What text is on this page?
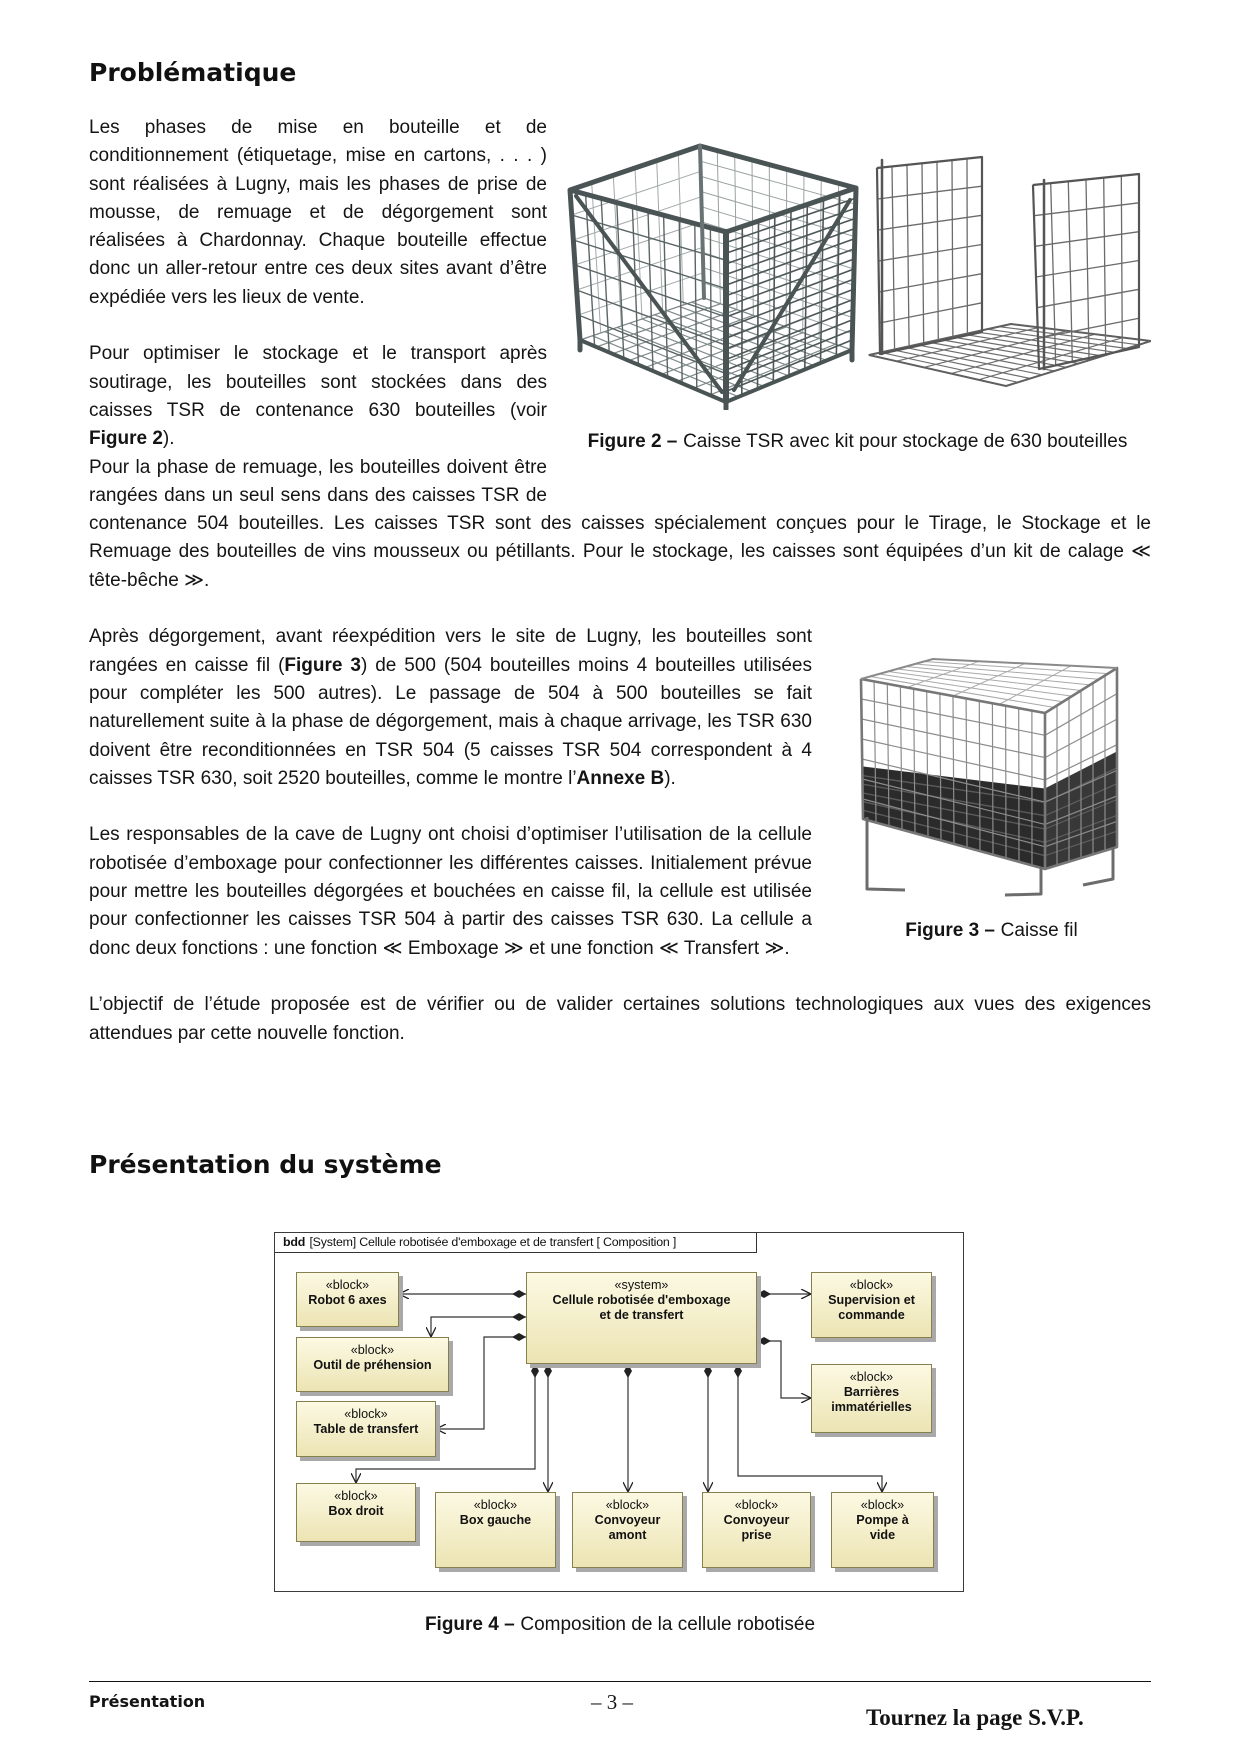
Problématique
Figure 2 – Caisse TSR avec kit pour stockage de 630 bouteilles
Les phases de mise en bouteille et de conditionnement (étiquetage, mise en cartons, . . . ) sont réalisées à Lugny, mais les phases de prise de mousse, de remuage et de dégorgement sont réalisées à Chardonnay. Chaque bouteille effectue donc un aller-retour entre ces deux sites avant d’être expédiée vers les lieux de vente.
Pour optimiser le stockage et le transport après soutirage, les bouteilles sont stockées dans des caisses TSR de contenance 630 bouteilles (voir Figure 2).
Pour la phase de remuage, les bouteilles doivent être rangées dans un seul sens dans des caisses TSR de contenance 504 bouteilles. Les caisses TSR sont des caisses spécialement conçues pour le Tirage, le Stockage et le Remuage des bouteilles de vins mousseux ou pétillants. Pour le stockage, les caisses sont équipées d’un kit de calage ≪ tête-bêche ≫.
Figure 3 – Caisse fil
Après dégorgement, avant réexpédition vers le site de Lugny, les bouteilles sont rangées en caisse fil (Figure 3) de 500 (504 bouteilles moins 4 bouteilles utilisées pour compléter les 500 autres). Le passage de 504 à 500 bouteilles se fait naturellement suite à la phase de dégorgement, mais à chaque arrivage, les TSR 630 doivent être reconditionnées en TSR 504 (5 caisses TSR 504 correspondent à 4 caisses TSR 630, soit 2520 bouteilles, comme le montre l’Annexe B).
Les responsables de la cave de Lugny ont choisi d’optimiser l’utilisation de la cellule robotisée d’emboxage pour confectionner les différentes caisses. Initialement prévue pour mettre les bouteilles dégorgées et bouchées en caisse fil, la cellule est utilisée pour confectionner les caisses TSR 504 à partir des caisses TSR 630. La cellule a donc deux fonctions : une fonction ≪ Emboxage ≫ et une fonction ≪ Transfert ≫.
L’objectif de l’étude proposée est de vérifier ou de valider certaines solutions technologiques aux vues des exigences attendues par cette nouvelle fonction.
Présentation du système
bdd [System] Cellule robotisée d'emboxage et de transfert [ Composition ]
«block»
Robot 6 axes
«block»
Outil de préhension
«block»
Table de transfert
«system»
Cellule robotisée d'emboxage
et de transfert
«block»
Supervision et
commande
«block»
Barrières
immatérielles
«block»
Box droit	«block»
Box gauche
«block»
Convoyeur
amont
«block»
Convoyeur
prise
«block»
Pompe à
vide
Figure 4 – Composition de la cellule robotisée
Présentation	– 3 –
Tournez la page S.V.P.
